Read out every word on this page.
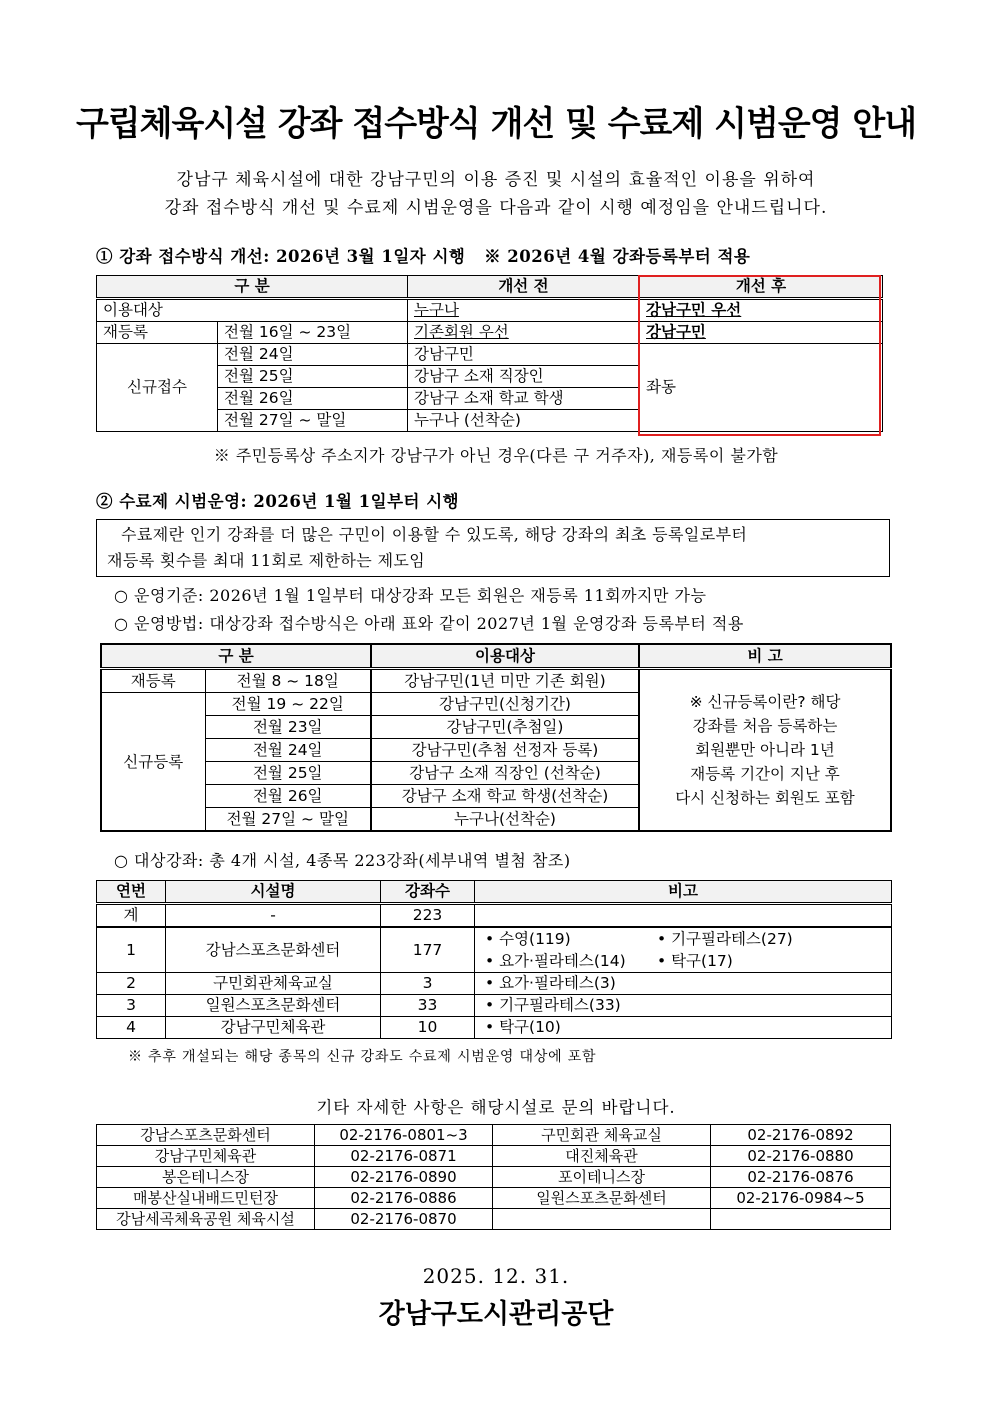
구립체육시설 강좌 접수방식 개선 및 수료제 시범운영 안내
강남구 체육시설에 대한 강남구민의 이용 증진 및 시설의 효율적인 이용을 위하여
강좌 접수방식 개선 및 수료제 시범운영을 다음과 같이 시행 예정임을 안내드립니다.
① 강좌 접수방식 개선: 2026년 3월 1일자 시행   ※ 2026년 4월 강좌등록부터 적용
구 분		개선 전	개선 후
이용대상		누구나	강남구민 우선
재등록	전월 16일 ~ 23일	기존회원 우선	강남구민
신규접수	전월 24일	강남구민	좌동
	전월 25일	강남구 소재 직장인	
	전월 26일	강남구 소재 학교 학생	
	전월 27일 ~ 말일	누구나 (선착순)	
※ 주민등록상 주소지가 강남구가 아닌 경우(다른 구 거주자), 재등록이 불가함
② 수료제 시범운영: 2026년 1월 1일부터 시행
수료제란 인기 강좌를 더 많은 구민이 이용할 수 있도록, 해당 강좌의 최초 등록일로부터
재등록 횟수를 최대 11회로 제한하는 제도임
○ 운영기준: 2026년 1월 1일부터 대상강좌 모든 회원은 재등록 11회까지만 가능
○ 운영방법: 대상강좌 접수방식은 아래 표와 같이 2027년 1월 운영강좌 등록부터 적용
구 분		이용대상	비 고
재등록	전월 8 ~ 18일	강남구민(1년 미만 기존 회원)	※ 신규등록이란? 해당
강좌를 처음 등록하는
회원뿐만 아니라 1년
재등록 기간이 지난 후
다시 신청하는 회원도 포함

신규등록	전월 19 ~ 22일	강남구민(신청기간)	
	전월 23일	강남구민(추첨일)	
	전월 24일	강남구민(추첨 선정자 등록)	
	전월 25일	강남구 소재 직장인 (선착순)	
	전월 26일	강남구 소재 학교 학생(선착순)	
	전월 27일 ~ 말일	누구나(선착순)	
○ 대상강좌: 총 4개 시설, 4종목 223강좌(세부내역 별첨 참조)
연번	시설명	강좌수	비고
계	-	223	
1	강남스포츠문화센터	177	• 수영(119) • 기구필라테스(27)
• 요가·필라테스(14) • 탁구(17)

2	구민회관체육교실	3	• 요가·필라테스(3)
3	일원스포츠문화센터	33	• 기구필라테스(33)
4	강남구민체육관	10	• 탁구(10)
※ 추후 개설되는 해당 종목의 신규 강좌도 수료제 시범운영 대상에 포함
기타 자세한 사항은 해당시설로 문의 바랍니다.
강남스포츠문화센터	02-2176-0801~3	구민회관 체육교실	02-2176-0892
강남구민체육관	02-2176-0871	대진체육관	02-2176-0880
봉은테니스장	02-2176-0890	포이테니스장	02-2176-0876
매봉산실내배드민턴장	02-2176-0886	일원스포츠문화센터	02-2176-0984~5
강남세곡체육공원 체육시설	02-2176-0870		
2025. 12. 31.
강남구도시관리공단
